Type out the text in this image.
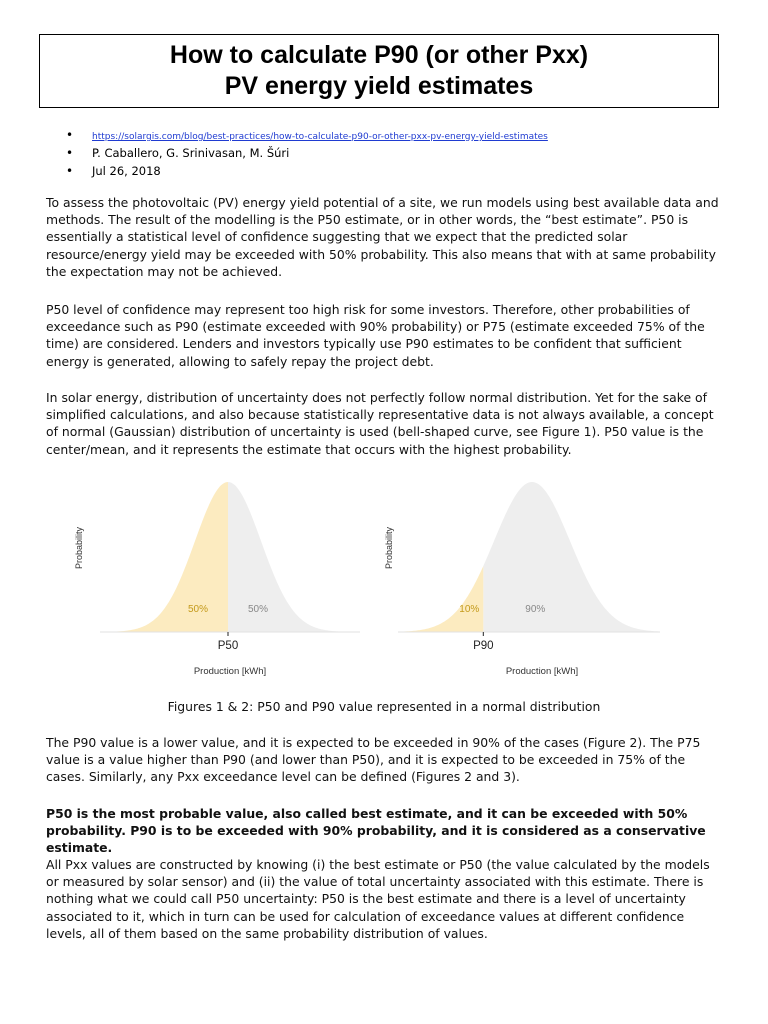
How to calculate P90 (or other Pxx)
PV energy yield estimates
• https://solargis.com/blog/best-practices/how-to-calculate-p90-or-other-pxx-pv-energy-yield-estimates
• P. Caballero, G. Srinivasan, M. Šúri
• Jul 26, 2018

To assess the photovoltaic (PV) energy yield potential of a site, we run models using best available data and methods. The result of the modelling is the P50 estimate, or in other words, the “best estimate”. P50 is essentially a statistical level of confidence suggesting that we expect that the predicted solar resource/energy yield may be exceeded with 50% probability. This also means that with at same probability the expectation may not be achieved.

P50 level of confidence may represent too high risk for some investors. Therefore, other probabilities of exceedance such as P90 (estimate exceeded with 90% probability) or P75 (estimate exceeded 75% of the time) are considered. Lenders and investors typically use P90 estimates to be confident that sufficient energy is generated, allowing to safely repay the project debt.

In solar energy, distribution of uncertainty does not perfectly follow normal distribution. Yet for the sake of simplified calculations, and also because statistically representative data is not always available, a concept of normal (Gaussian) distribution of uncertainty is used (bell-shaped curve, see Figure 1). P50 value is the center/mean, and it represents the estimate that occurs with the highest probability.

50%	50%
P50
Production [kWh]
Probability
10%	90%
P90
Production [kWh]
Probability
Figures 1 & 2: P50 and P90 value represented in a normal distribution

The P90 value is a lower value, and it is expected to be exceeded in 90% of the cases (Figure 2). The P75 value is a value higher than P90 (and lower than P50), and it is expected to be exceeded in 75% of the cases. Similarly, any Pxx exceedance level can be defined (Figures 2 and 3).

P50 is the most probable value, also called best estimate, and it can be exceeded with 50% probability. P90 is to be exceeded with 90% probability, and it is considered as a conservative estimate.

All Pxx values are constructed by knowing (i) the best estimate or P50 (the value calculated by the models or measured by solar sensor) and (ii) the value of total uncertainty associated with this estimate. There is nothing what we could call P50 uncertainty: P50 is the best estimate and there is a level of uncertainty associated to it, which in turn can be used for calculation of exceedance values at different confidence levels, all of them based on the same probability distribution of values.
